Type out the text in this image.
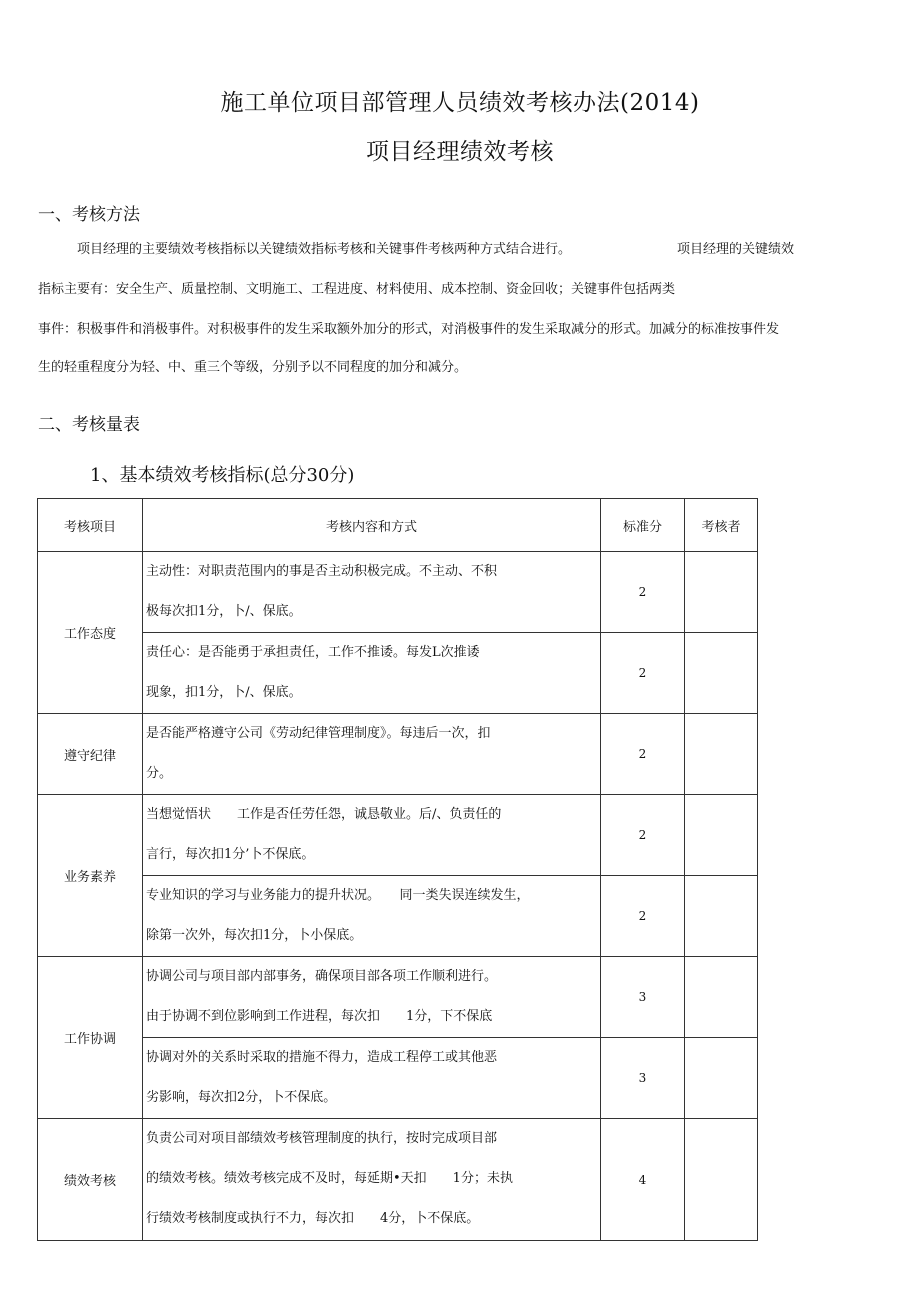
施工单位项目部管理人员绩效考核办法(2014)
项目经理绩效考核
一、考核方法
项目经理的主要绩效考核指标以关键绩效指标考核和关键事件考核两种方式结合进行。	项目经理的关键绩效
指标主要有：安全生产、质量控制、文明施工、工程进度、材料使用、成本控制、资金回收；关键事件包括两类
事件：积极事件和消极事件。对积极事件的发生采取额外加分的形式，对消极事件的发生采取减分的形式。加减分的标准按事件发
生的轻重程度分为轻、中、重三个等级，分别予以不同程度的加分和减分。
二、考核量表
1、基本绩效考核指标(总分30分)
考核项目	考核内容和方式	标准分	考核者
工作态度	主动性：对职责范围内的事是否主动积极完成。不主动、不积
极每次扣1分，卜/、保底。	2	

	责任心：是否能勇于承担责任，工作不推诿。每发L次推诿
现象，扣1分，卜/、保底。	2	
遵守纪律	是否能严格遵守公司《劳动纪律管理制度》。每违后一次，扣
分。	2	
业务素养	当想觉悟状　　工作是否任劳任怨，诚恳敬业。后/、负责任的
言行，每次扣1分’卜不保底。	2	

	专业知识的学习与业务能力的提升状况。　　同一类失误连续发生，
除第一次外，每次扣1分，卜小保底。	2	
工作协调	协调公司与项目部内部事务，确保项目部各项工作顺利进行。
由于协调不到位影响到工作进程，每次扣　　1分，下不保底	3	

	协调对外的关系时采取的措施不得力，造成工程停工或其他恶
劣影响，每次扣2分，卜不保底。	3	
绩效考核	负责公司对项目部绩效考核管理制度的执行，按时完成项目部
的绩效考核。绩效考核完成不及时，每延期•天扣　　1分；未执
行绩效考核制度或执行不力，每次扣　　4分，卜不保底。	4	
